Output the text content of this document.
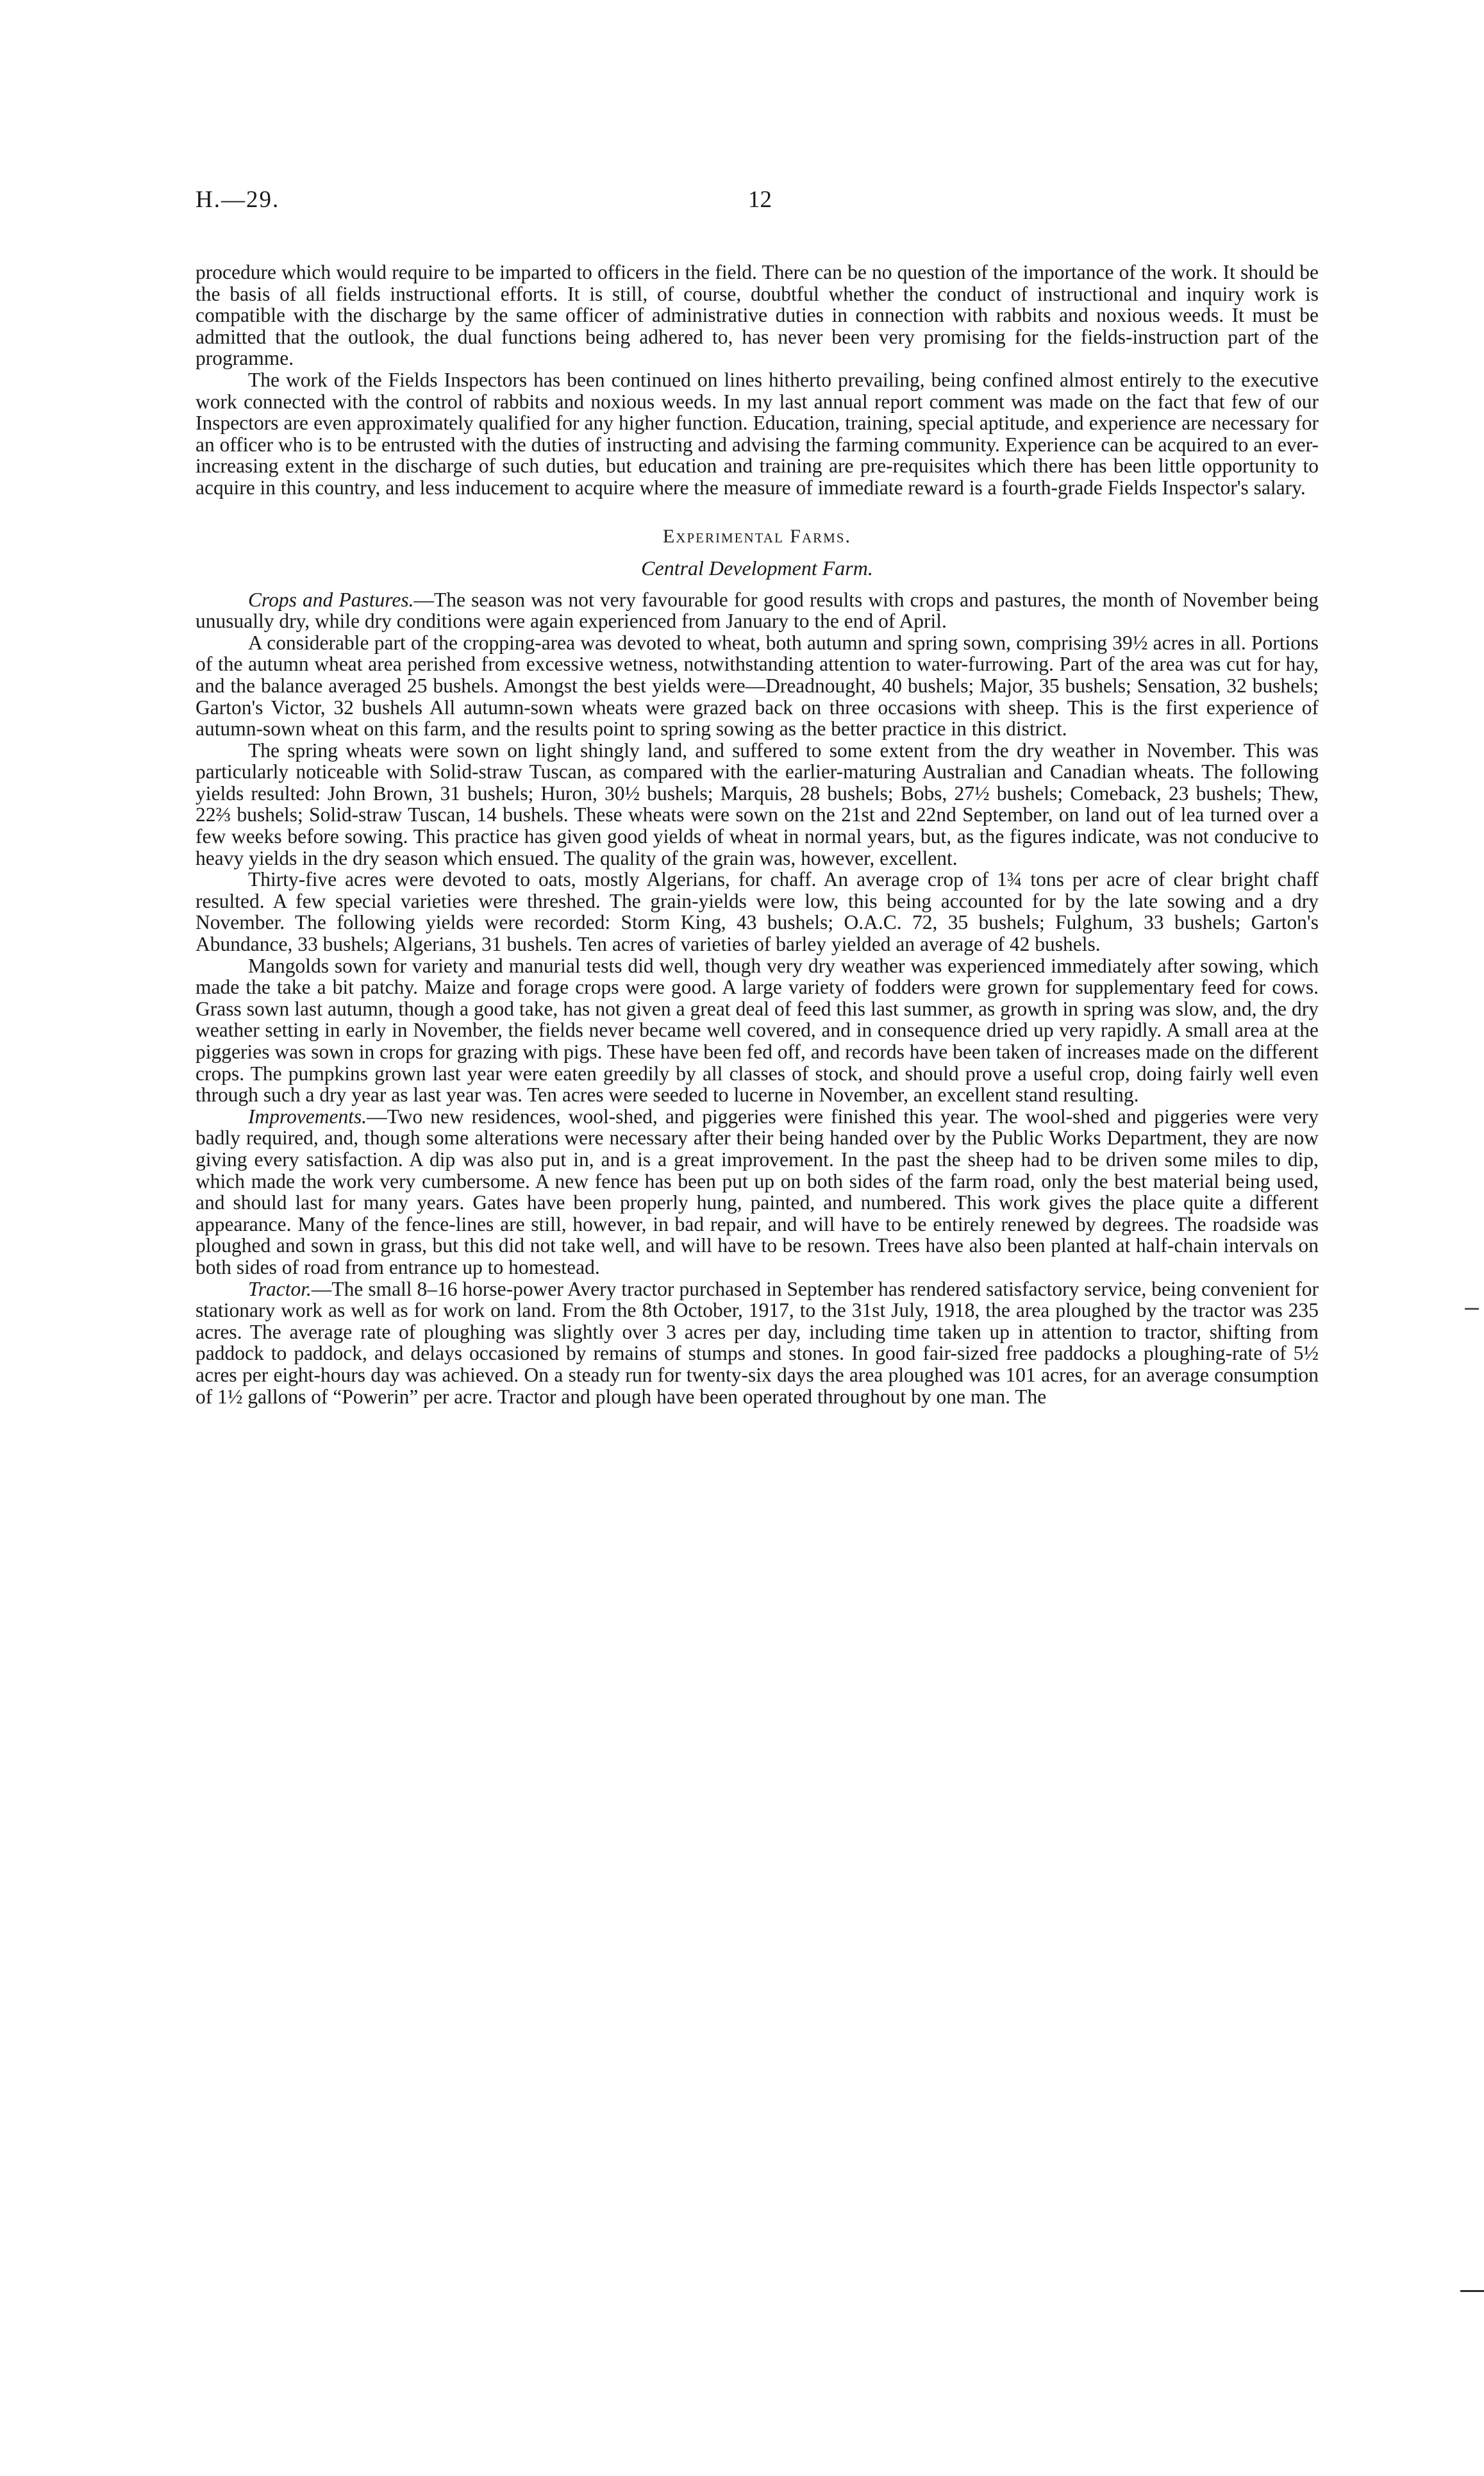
H.—29.	12

procedure which would require to be imparted to officers in the field. There can be no question of the importance of the work. It should be the basis of all fields instructional efforts. It is still, of course, doubtful whether the conduct of instructional and inquiry work is compatible with the discharge by the same officer of administrative duties in connection with rabbits and noxious weeds. It must be admitted that the outlook, the dual functions being adhered to, has never been very promising for the fields-instruction part of the programme.

The work of the Fields Inspectors has been continued on lines hitherto prevailing, being confined almost entirely to the executive work connected with the control of rabbits and noxious weeds. In my last annual report comment was made on the fact that few of our Inspectors are even approximately qualified for any higher function. Education, training, special aptitude, and experience are necessary for an officer who is to be entrusted with the duties of instructing and advising the farming community. Experience can be acquired to an ever-increasing extent in the discharge of such duties, but education and training are pre-requisites which there has been little opportunity to acquire in this country, and less inducement to acquire where the measure of immediate reward is a fourth-grade Fields Inspector's salary.

Experimental Farms.
Central Development Farm.

Crops and Pastures.—The season was not very favourable for good results with crops and pastures, the month of November being unusually dry, while dry conditions were again experienced from January to the end of April.

A considerable part of the cropping-area was devoted to wheat, both autumn and spring sown, comprising 39½ acres in all. Portions of the autumn wheat area perished from excessive wetness, notwithstanding attention to water-furrowing. Part of the area was cut for hay, and the balance averaged 25 bushels. Amongst the best yields were—Dreadnought, 40 bushels; Major, 35 bushels; Sensation, 32 bushels; Garton's Victor, 32 bushels All autumn-sown wheats were grazed back on three occasions with sheep. This is the first experience of autumn-sown wheat on this farm, and the results point to spring sowing as the better practice in this district.

The spring wheats were sown on light shingly land, and suffered to some extent from the dry weather in November. This was particularly noticeable with Solid-straw Tuscan, as compared with the earlier-maturing Australian and Canadian wheats. The following yields resulted: John Brown, 31 bushels; Huron, 30½ bushels; Marquis, 28 bushels; Bobs, 27½ bushels; Comeback, 23 bushels; Thew, 22⅔ bushels; Solid-straw Tuscan, 14 bushels. These wheats were sown on the 21st and 22nd September, on land out of lea turned over a few weeks before sowing. This practice has given good yields of wheat in normal years, but, as the figures indicate, was not conducive to heavy yields in the dry season which ensued. The quality of the grain was, however, excellent.

Thirty-five acres were devoted to oats, mostly Algerians, for chaff. An average crop of 1¾ tons per acre of clear bright chaff resulted. A few special varieties were threshed. The grain-yields were low, this being accounted for by the late sowing and a dry November. The following yields were recorded: Storm King, 43 bushels; O.A.C. 72, 35 bushels; Fulghum, 33 bushels; Garton's Abundance, 33 bushels; Algerians, 31 bushels. Ten acres of varieties of barley yielded an average of 42 bushels.

Mangolds sown for variety and manurial tests did well, though very dry weather was experienced immediately after sowing, which made the take a bit patchy. Maize and forage crops were good. A large variety of fodders were grown for supplementary feed for cows. Grass sown last autumn, though a good take, has not given a great deal of feed this last summer, as growth in spring was slow, and, the dry weather setting in early in November, the fields never became well covered, and in consequence dried up very rapidly. A small area at the piggeries was sown in crops for grazing with pigs. These have been fed off, and records have been taken of increases made on the different crops. The pumpkins grown last year were eaten greedily by all classes of stock, and should prove a useful crop, doing fairly well even through such a dry year as last year was. Ten acres were seeded to lucerne in November, an excellent stand resulting.

Improvements.—Two new residences, wool-shed, and piggeries were finished this year. The wool-shed and piggeries were very badly required, and, though some alterations were necessary after their being handed over by the Public Works Department, they are now giving every satisfaction. A dip was also put in, and is a great improvement. In the past the sheep had to be driven some miles to dip, which made the work very cumbersome. A new fence has been put up on both sides of the farm road, only the best material being used, and should last for many years. Gates have been properly hung, painted, and numbered. This work gives the place quite a different appearance. Many of the fence-lines are still, however, in bad repair, and will have to be entirely renewed by degrees. The roadside was ploughed and sown in grass, but this did not take well, and will have to be resown. Trees have also been planted at half-chain intervals on both sides of road from entrance up to homestead.

Tractor.—The small 8–16 horse-power Avery tractor purchased in September has rendered satisfactory service, being convenient for stationary work as well as for work on land. From the 8th October, 1917, to the 31st July, 1918, the area ploughed by the tractor was 235 acres. The average rate of ploughing was slightly over 3 acres per day, including time taken up in attention to tractor, shifting from paddock to paddock, and delays occasioned by remains of stumps and stones. In good fair-sized free paddocks a ploughing-rate of 5½ acres per eight-hours day was achieved. On a steady run for twenty-six days the area ploughed was 101 acres, for an average consumption of 1½ gallons of “Powerin” per acre. Tractor and plough have been operated throughout by one man. The
